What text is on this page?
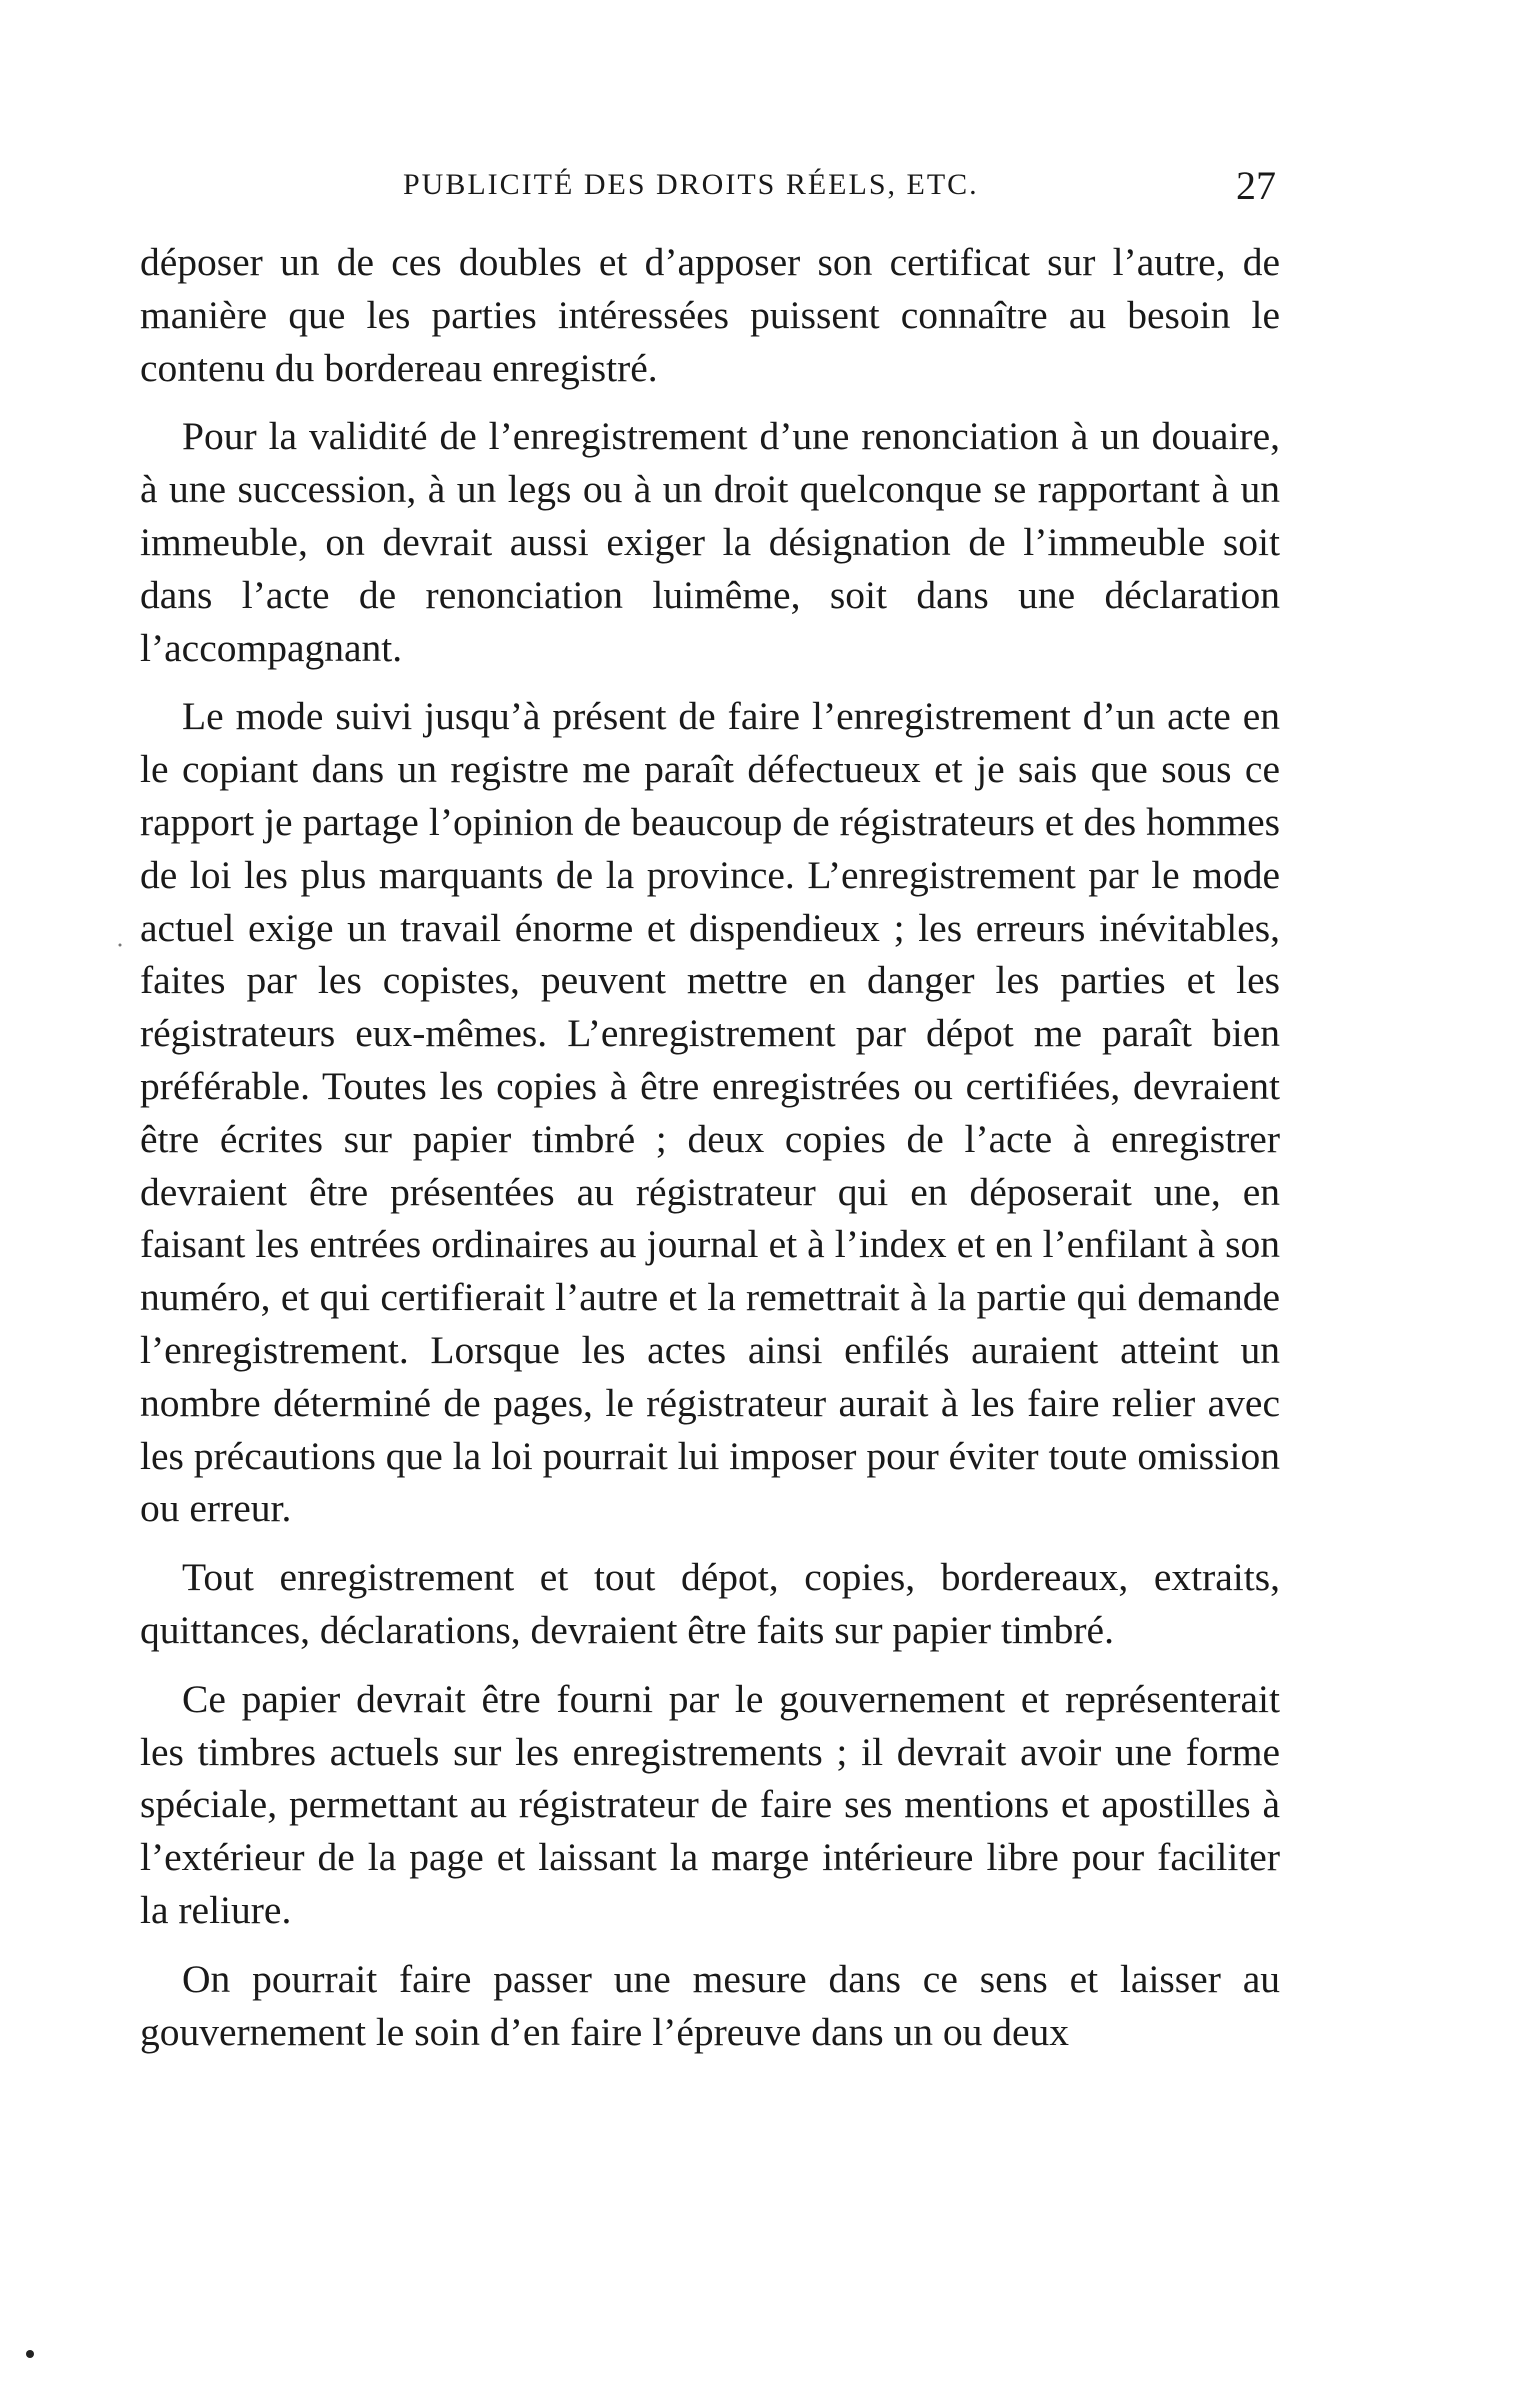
PUBLICITÉ DES DROITS RÉELS, ETC.	27

déposer un de ces doubles et d’apposer son certificat sur l’autre, de manière que les parties intéressées puissent connaître au besoin le contenu du bordereau enregistré.

Pour la validité de l’enregistrement d’une renonciation à un douaire, à une succession, à un legs ou à un droit quelconque se rapportant à un immeuble, on devrait aussi exiger la désignation de l’immeuble soit dans l’acte de renonciation luimême, soit dans une déclaration l’accompagnant.

Le mode suivi jusqu’à présent de faire l’enregistrement d’un acte en le copiant dans un registre me paraît défectueux et je sais que sous ce rapport je partage l’opinion de beaucoup de régistrateurs et des hommes de loi les plus marquants de la province. L’enregistrement par le mode actuel exige un travail énorme et dispendieux ; les erreurs inévitables, faites par les copistes, peuvent mettre en danger les parties et les régistrateurs eux-mêmes. L’enregistrement par dépot me paraît bien préférable. Toutes les copies à être enregistrées ou certifiées, devraient être écrites sur papier timbré ; deux copies de l’acte à enregistrer devraient être présentées au régistrateur qui en déposerait une, en faisant les entrées ordinaires au journal et à l’index et en l’enfilant à son numéro, et qui certifierait l’autre et la remettrait à la partie qui demande l’enregistrement. Lorsque les actes ainsi enfilés auraient atteint un nombre déterminé de pages, le régistrateur aurait à les faire relier avec les précautions que la loi pourrait lui imposer pour éviter toute omission ou erreur.

Tout enregistrement et tout dépot, copies, bordereaux, extraits, quittances, déclarations, devraient être faits sur papier timbré.

Ce papier devrait être fourni par le gouvernement et représenterait les timbres actuels sur les enregistrements ; il devrait avoir une forme spéciale, permettant au régistrateur de faire ses mentions et apostilles à l’extérieur de la page et laissant la marge intérieure libre pour faciliter la reliure.

On pourrait faire passer une mesure dans ce sens et laisser au gouvernement le soin d’en faire l’épreuve dans un ou deux
